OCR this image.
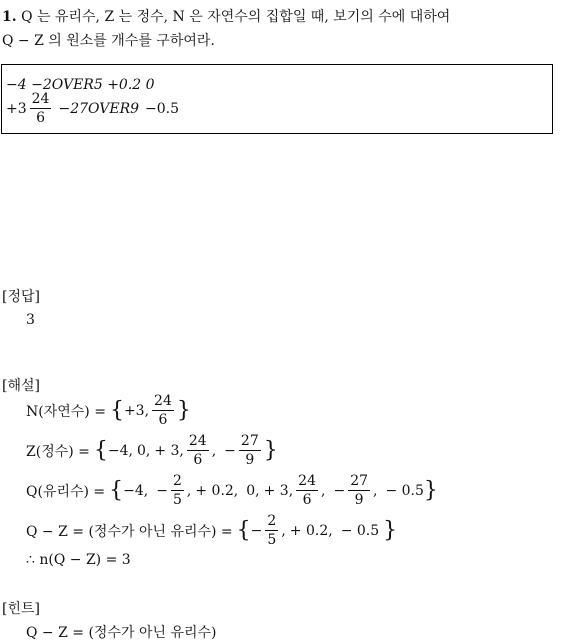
1. Q 는 유리수, Z 는 정수, N 은 자연수의 집합일 때, 보기의 수에 대하여
Q − Z 의 원소를 개수를 구하여라.
−4 −2OVER5 +0.2 0
$+3 \frac{24}{6}$ −27OVER9 −0.5
[정답]
3
[해설]
N(자연수) = { +3, $\frac{24}{6}$ }
Z(정수) = { −4, 0, + 3, $\frac{24}{6}$ , − $\frac{27}{9}$ }
Q(유리수) = { −4, − $\frac{2}{5}$ , + 0.2, 0, + 3, $\frac{24}{6}$ , − $\frac{27}{9}$ , − 0.5 }
Q − Z = (정수가 아닌 유리수) = { − $\frac{2}{5}$ , + 0.2, − 0.5 }
∴ n(Q − Z) = 3
[힌트]
Q − Z = (정수가 아닌 유리수)
